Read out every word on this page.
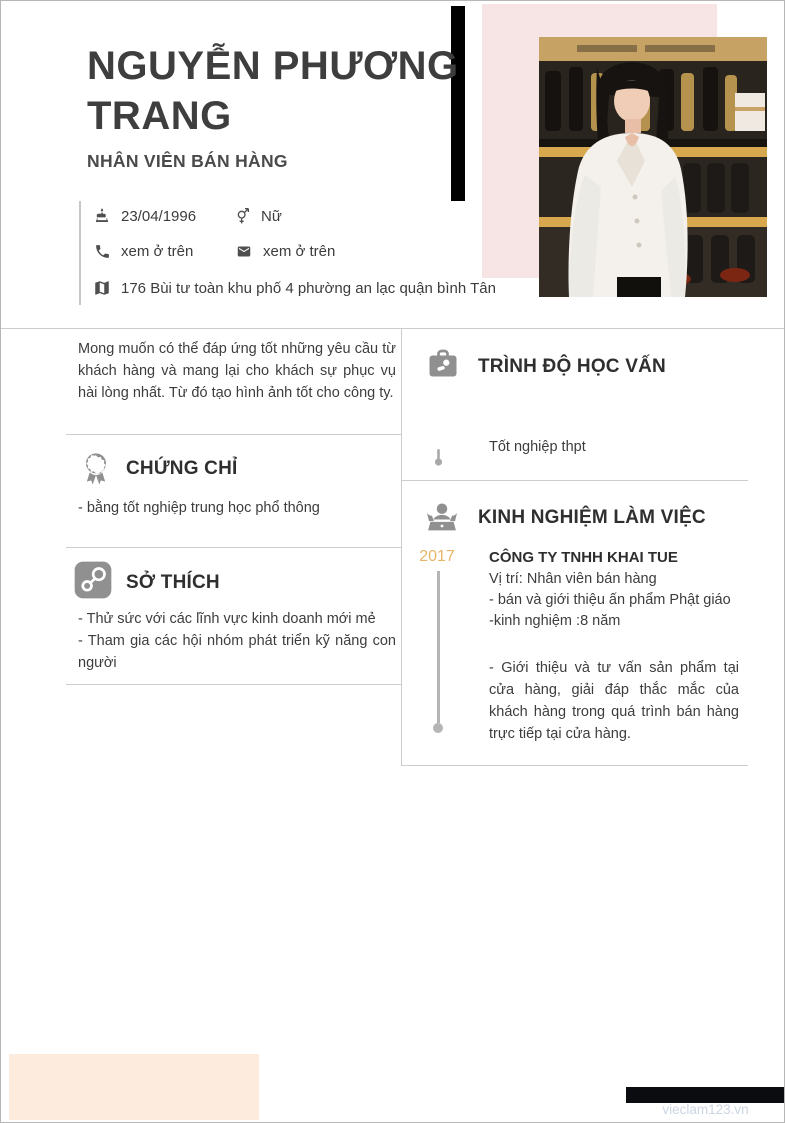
NGUYỄN PHƯƠNG TRANG
NHÂN VIÊN BÁN HÀNG
23/04/1996	Nữ
xem ở trên	xem ở trên
176 Bùi tư toàn khu phố 4 phường an lạc quận bình Tân
Mong muốn có thể đáp ứng tốt những yêu cầu từ khách hàng và mang lại cho khách sự phục vụ hài lòng nhất. Từ đó tạo hình ảnh tốt cho công ty.
CHỨNG CHỈ
- bằng tốt nghiệp trung học phổ thông
SỞ THÍCH
- Thử sức với các lĩnh vực kinh doanh mới mẻ
- Tham gia các hội nhóm phát triển kỹ năng con người
TRÌNH ĐỘ HỌC VẤN
Tốt nghiệp thpt
KINH NGHIỆM LÀM VIỆC
2017 CÔNG TY TNHH KHAI TUE
Vị trí: Nhân viên bán hàng
- bán và giới thiệu ấn phẩm Phật giáo
-kinh nghiệm :8 năm
- Giới thiệu và tư vấn sản phẩm tại cửa hàng, giải đáp thắc mắc của khách hàng trong quá trình bán hàng trực tiếp tại cửa hàng.
vieclam123.vn
